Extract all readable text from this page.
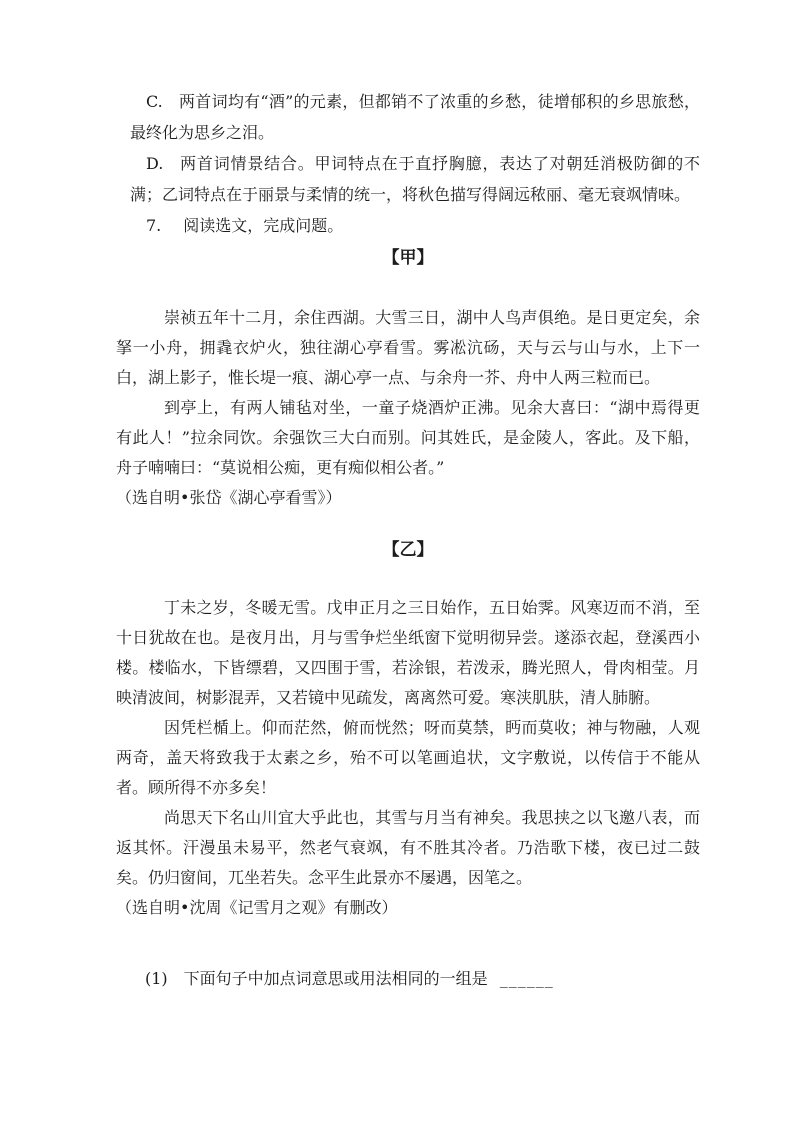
C. 两首词均有“酒”的元素，但都销不了浓重的乡愁，徒增郁积的乡思旅愁，最终化为思乡之泪。
D. 两首词情景结合。甲词特点在于直抒胸臆，表达了对朝廷消极防御的不满；乙词特点在于丽景与柔情的统一，将秋色描写得阔远秾丽、毫无衰飒情味。
7. 阅读选文，完成问题。
【甲】

崇祯五年十二月，余住西湖。大雪三日，湖中人鸟声俱绝。是日更定矣，余拏一小舟，拥毳衣炉火，独往湖心亭看雪。雾凇沆砀，天与云与山与水，上下一白，湖上影子，惟长堤一痕、湖心亭一点、与余舟一芥、舟中人两三粒而已。

到亭上，有两人铺毡对坐，一童子烧酒炉正沸。见余大喜曰：“湖中焉得更有此人！”拉余同饮。余强饮三大白而别。问其姓氏，是金陵人，客此。及下船，舟子喃喃曰：“莫说相公痴，更有痴似相公者。”

（选自明•张岱《湖心亭看雪》）

【乙】

丁未之岁，冬暖无雪。戊申正月之三日始作，五日始霁。风寒迈而不消，至十日犹故在也。是夜月出，月与雪争烂坐纸窗下觉明彻异尝。遂添衣起，登溪西小楼。楼临水，下皆缥碧，又四围于雪，若涂银，若泼汞，腾光照人，骨肉相莹。月映清波间，树影混弄，又若镜中见疏发，离离然可爱。寒浃肌肤，清人肺腑。

因凭栏楯上。仰而茫然，俯而恍然；呀而莫禁，眄而莫收；神与物融，人观两奇，盖天将致我于太素之乡，殆不可以笔画追状，文字敷说，以传信于不能从者。顾所得不亦多矣！

尚思天下名山川宜大乎此也，其雪与月当有神矣。我思挟之以飞邀八表，而返其怀。汗漫虽未易平，然老气衰飒，有不胜其冷者。乃浩歌下楼，夜已过二鼓矣。仍归窗间，兀坐若失。念平生此景亦不屡遇，因笔之。

（选自明•沈周《记雪月之观》有删改）

(1) 下面句子中加点词意思或用法相同的一组是 ______
